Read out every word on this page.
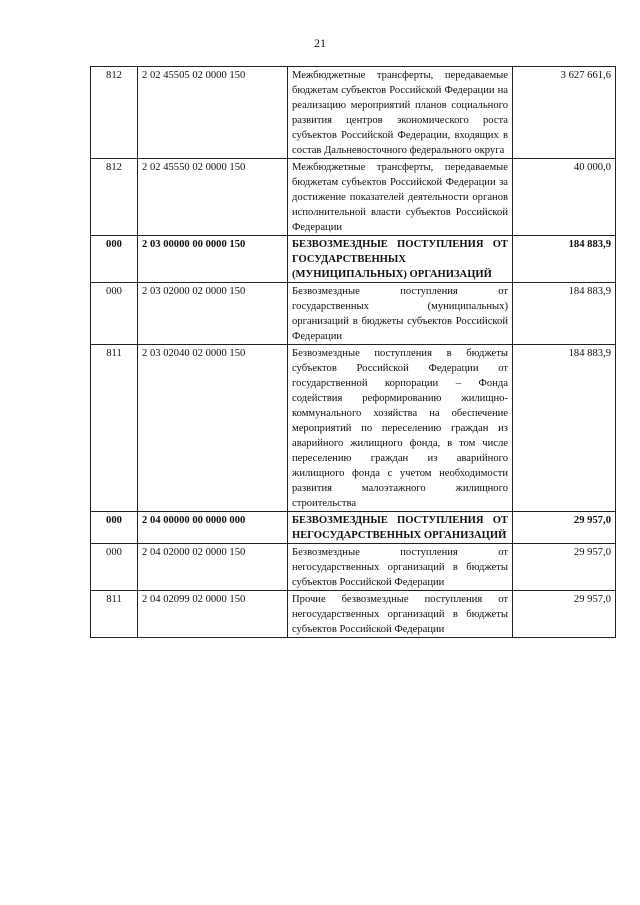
21
812	2 02 45505 02 0000 150	Межбюджетные трансферты, передаваемые бюджетам субъектов Российской Федерации на реализацию мероприятий планов социального развития центров экономического роста субъектов Российской Федерации, входящих в состав Дальневосточного федерального округа	3 627 661,6
812	2 02 45550 02 0000 150	Межбюджетные трансферты, передаваемые бюджетам субъектов Российской Федерации за достижение показателей деятельности органов исполнительной власти субъектов Российской Федерации	40 000,0
000	2 03 00000 00 0000 150	БЕЗВОЗМЕЗДНЫЕ ПОСТУПЛЕНИЯ ОТ ГОСУДАРСТВЕННЫХ (МУНИЦИПАЛЬНЫХ) ОРГАНИЗАЦИЙ	184 883,9
000	2 03 02000 02 0000 150	Безвозмездные поступления от государственных (муниципальных) организаций в бюджеты субъектов Российской Федерации	184 883,9
811	2 03 02040 02 0000 150	Безвозмездные поступления в бюджеты субъектов Российской Федерации от государственной корпорации – Фонда содействия реформированию жилищно-коммунального хозяйства на обеспечение мероприятий по переселению граждан из аварийного жилищного фонда, в том числе переселению граждан из аварийного жилищного фонда с учетом необходимости развития малоэтажного жилищного строительства	184 883,9
000	2 04 00000 00 0000 000	БЕЗВОЗМЕЗДНЫЕ ПОСТУПЛЕНИЯ ОТ НЕГОСУДАРСТВЕННЫХ ОРГАНИЗАЦИЙ	29 957,0
000	2 04 02000 02 0000 150	Безвозмездные поступления от негосударственных организаций в бюджеты субъектов Российской Федерации	29 957,0
811	2 04 02099 02 0000 150	Прочие безвозмездные поступления от негосударственных организаций в бюджеты субъектов Российской Федерации	29 957,0
